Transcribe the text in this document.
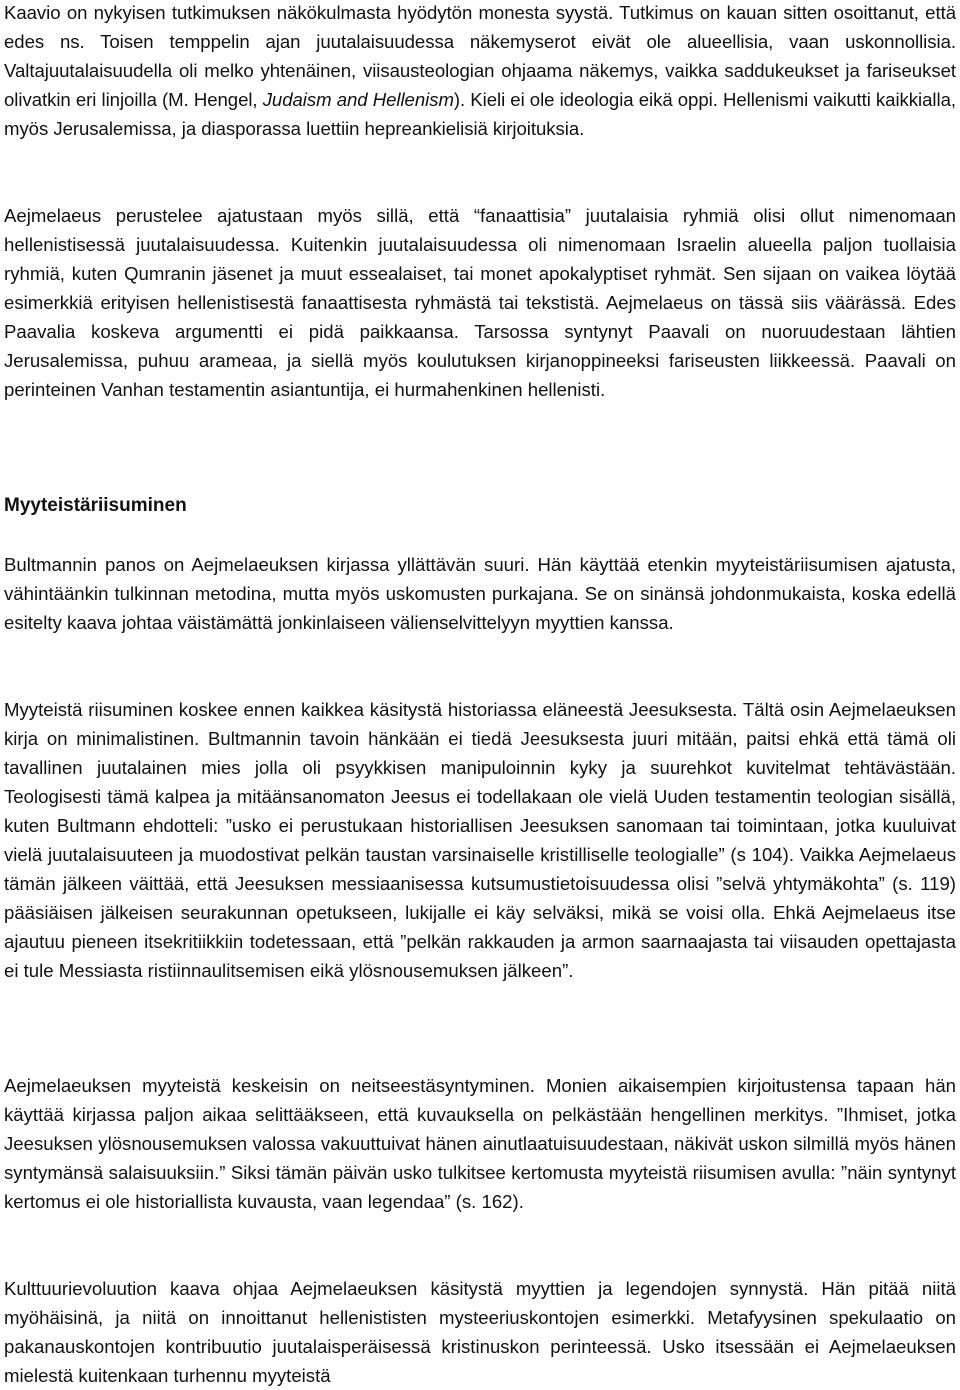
Kaavio on nykyisen tutkimuksen näkökulmasta hyödytön monesta syystä. Tutkimus on kauan sitten osoittanut, että edes ns. Toisen temppelin ajan juutalaisuudessa näkemyserot eivät ole alueellisia, vaan uskonnollisia. Valtajuutalaisuudella oli melko yhtenäinen, viisausteologian ohjaama näkemys, vaikka saddukeukset ja fariseukset olivatkin eri linjoilla (M. Hengel, Judaism and Hellenism). Kieli ei ole ideologia eikä oppi. Hellenismi vaikutti kaikkialla, myös Jerusalemissa, ja diasporassa luettiin hepreankielisiä kirjoituksia.

Aejmelaeus perustelee ajatustaan myös sillä, että “fanaattisia” juutalaisia ryhmiä olisi ollut nimenomaan hellenistisessä juutalaisuudessa. Kuitenkin juutalaisuudessa oli nimenomaan Israelin alueella paljon tuollaisia ryhmiä, kuten Qumranin jäsenet ja muut essealaiset, tai monet apokalyptiset ryhmät. Sen sijaan on vaikea löytää esimerkkiä erityisen hellenistisestä fanaattisesta ryhmästä tai tekstistä. Aejmelaeus on tässä siis väärässä. Edes Paavalia koskeva argumentti ei pidä paikkaansa. Tarsossa syntynyt Paavali on nuoruudestaan lähtien Jerusalemissa, puhuu arameaa, ja siellä myös koulutuksen kirjanoppineeksi fariseusten liikkeessä. Paavali on perinteinen Vanhan testamentin asiantuntija, ei hurmahenkinen hellenisti.

Myyteistäriisuminen

Bultmannin panos on Aejmelaeuksen kirjassa yllättävän suuri. Hän käyttää etenkin myyteistäriisumisen ajatusta, vähintäänkin tulkinnan metodina, mutta myös uskomusten purkajana. Se on sinänsä johdonmukaista, koska edellä esitelty kaava johtaa väistämättä jonkinlaiseen välienselvittelyyn myyttien kanssa.

Myyteistä riisuminen koskee ennen kaikkea käsitystä historiassa eläneestä Jeesuksesta. Tältä osin Aejmelaeuksen kirja on minimalistinen. Bultmannin tavoin hänkään ei tiedä Jeesuksesta juuri mitään, paitsi ehkä että tämä oli tavallinen juutalainen mies jolla oli psyykkisen manipuloinnin kyky ja suurehkot kuvitelmat tehtävästään. Teologisesti tämä kalpea ja mitäänsanomaton Jeesus ei todellakaan ole vielä Uuden testamentin teologian sisällä, kuten Bultmann ehdotteli: ”usko ei perustukaan historiallisen Jeesuksen sanomaan tai toimintaan, jotka kuuluivat vielä juutalaisuuteen ja muodostivat pelkän taustan varsinaiselle kristilliselle teologialle” (s 104). Vaikka Aejmelaeus tämän jälkeen väittää, että Jeesuksen messiaanisessa kutsumustietoisuudessa olisi ”selvä yhtymäkohta” (s. 119) pääsiäisen jälkeisen seurakunnan opetukseen, lukijalle ei käy selväksi, mikä se voisi olla. Ehkä Aejmelaeus itse ajautuu pieneen itsekritiikkiin todetessaan, että ”pelkän rakkauden ja armon saarnaajasta tai viisauden opettajasta ei tule Messiasta ristiinnaulitsemisen eikä ylösnousemuksen jälkeen”.

Aejmelaeuksen myyteistä keskeisin on neitseestäsyntyminen. Monien aikaisempien kirjoitustensa tapaan hän käyttää kirjassa paljon aikaa selittääkseen, että kuvauksella on pelkästään hengellinen merkitys. ”Ihmiset, jotka Jeesuksen ylösnousemuksen valossa vakuuttuivat hänen ainutlaatuisuudestaan, näkivät uskon silmillä myös hänen syntymänsä salaisuuksiin.” Siksi tämän päivän usko tulkitsee kertomusta myyteistä riisumisen avulla: ”näin syntynyt kertomus ei ole historiallista kuvausta, vaan legendaa” (s. 162).

Kulttuurievoluution kaava ohjaa Aejmelaeuksen käsitystä myyttien ja legendojen synnystä. Hän pitää niitä myöhäisinä, ja niitä on innoittanut hellenististen mysteeriuskontojen esimerkki. Metafyysinen spekulaatio on pakanauskontojen kontribuutio juutalaisperäisessä kristinuskon perinteessä. Usko itsessään ei Aejmelaeuksen mielestä kuitenkaan turhennu myyteistä
